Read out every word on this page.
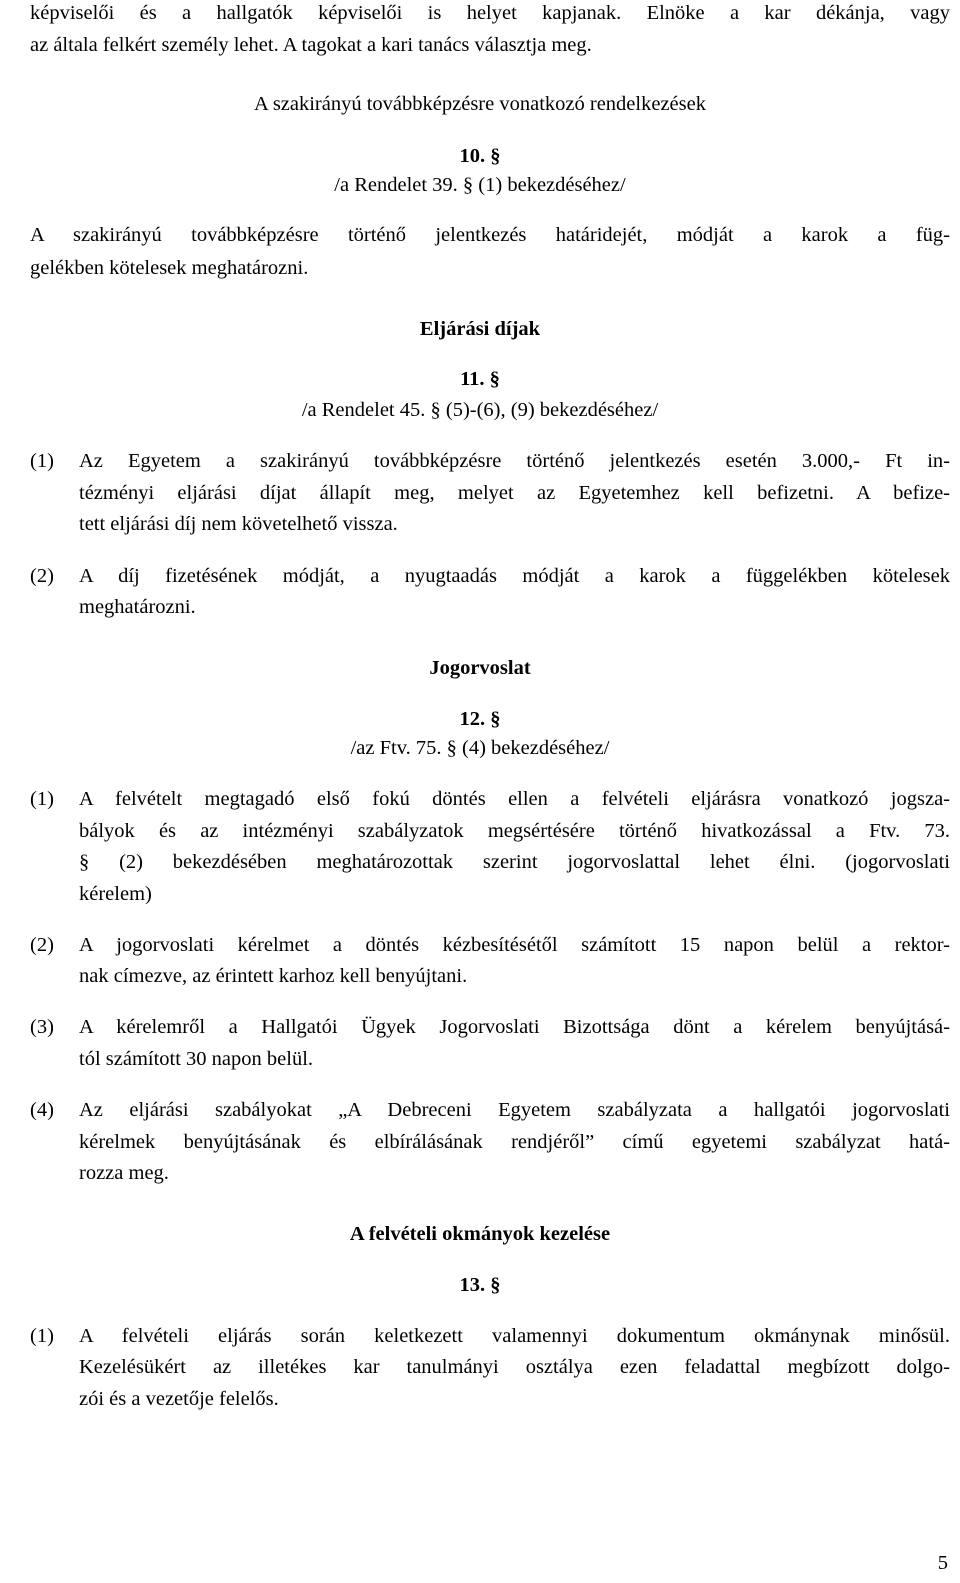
képviselői és a hallgatók képviselői is helyet kapjanak. Elnöke a kar dékánja, vagy
az általa felkért személy lehet. A tagokat a kari tanács választja meg.
A szakirányú továbbképzésre vonatkozó rendelkezések
10. §
/a Rendelet 39. § (1) bekezdéséhez/
A szakirányú továbbképzésre történő jelentkezés határidejét, módját a karok a füg-
gelékben kötelesek meghatározni.
Eljárási díjak
11. §
/a Rendelet 45. § (5)-(6), (9) bekezdéséhez/
(1) Az Egyetem a szakirányú továbbképzésre történő jelentkezés esetén 3.000,- Ft in-
tézményi eljárási díjat állapít meg, melyet az Egyetemhez kell befizetni. A befize-
tett eljárási díj nem követelhető vissza.
(2) A díj fizetésének módját, a nyugtaadás módját a karok a függelékben kötelesek
meghatározni.
Jogorvoslat
12. §
/az Ftv. 75. § (4) bekezdéséhez/
(1) A felvételt megtagadó első fokú döntés ellen a felvételi eljárásra vonatkozó jogsza-
bályok és az intézményi szabályzatok megsértésére történő hivatkozással a Ftv. 73.
§ (2) bekezdésében meghatározottak szerint jogorvoslattal lehet élni. (jogorvoslati
kérelem)
(2) A jogorvoslati kérelmet a döntés kézbesítésétől számított 15 napon belül a rektor-
nak címezve, az érintett karhoz kell benyújtani.
(3) A kérelemről a Hallgatói Ügyek Jogorvoslati Bizottsága dönt a kérelem benyújtásá-
tól számított 30 napon belül.
(4) Az eljárási szabályokat „A Debreceni Egyetem szabályzata a hallgatói jogorvoslati
kérelmek benyújtásának és elbírálásának rendjéről” című egyetemi szabályzat hatá-
rozza meg.
A felvételi okmányok kezelése
13. §
(1) A felvételi eljárás során keletkezett valamennyi dokumentum okmánynak minősül.
Kezelésükért az illetékes kar tanulmányi osztálya ezen feladattal megbízott dolgo-
zói és a vezetője felelős.
5
